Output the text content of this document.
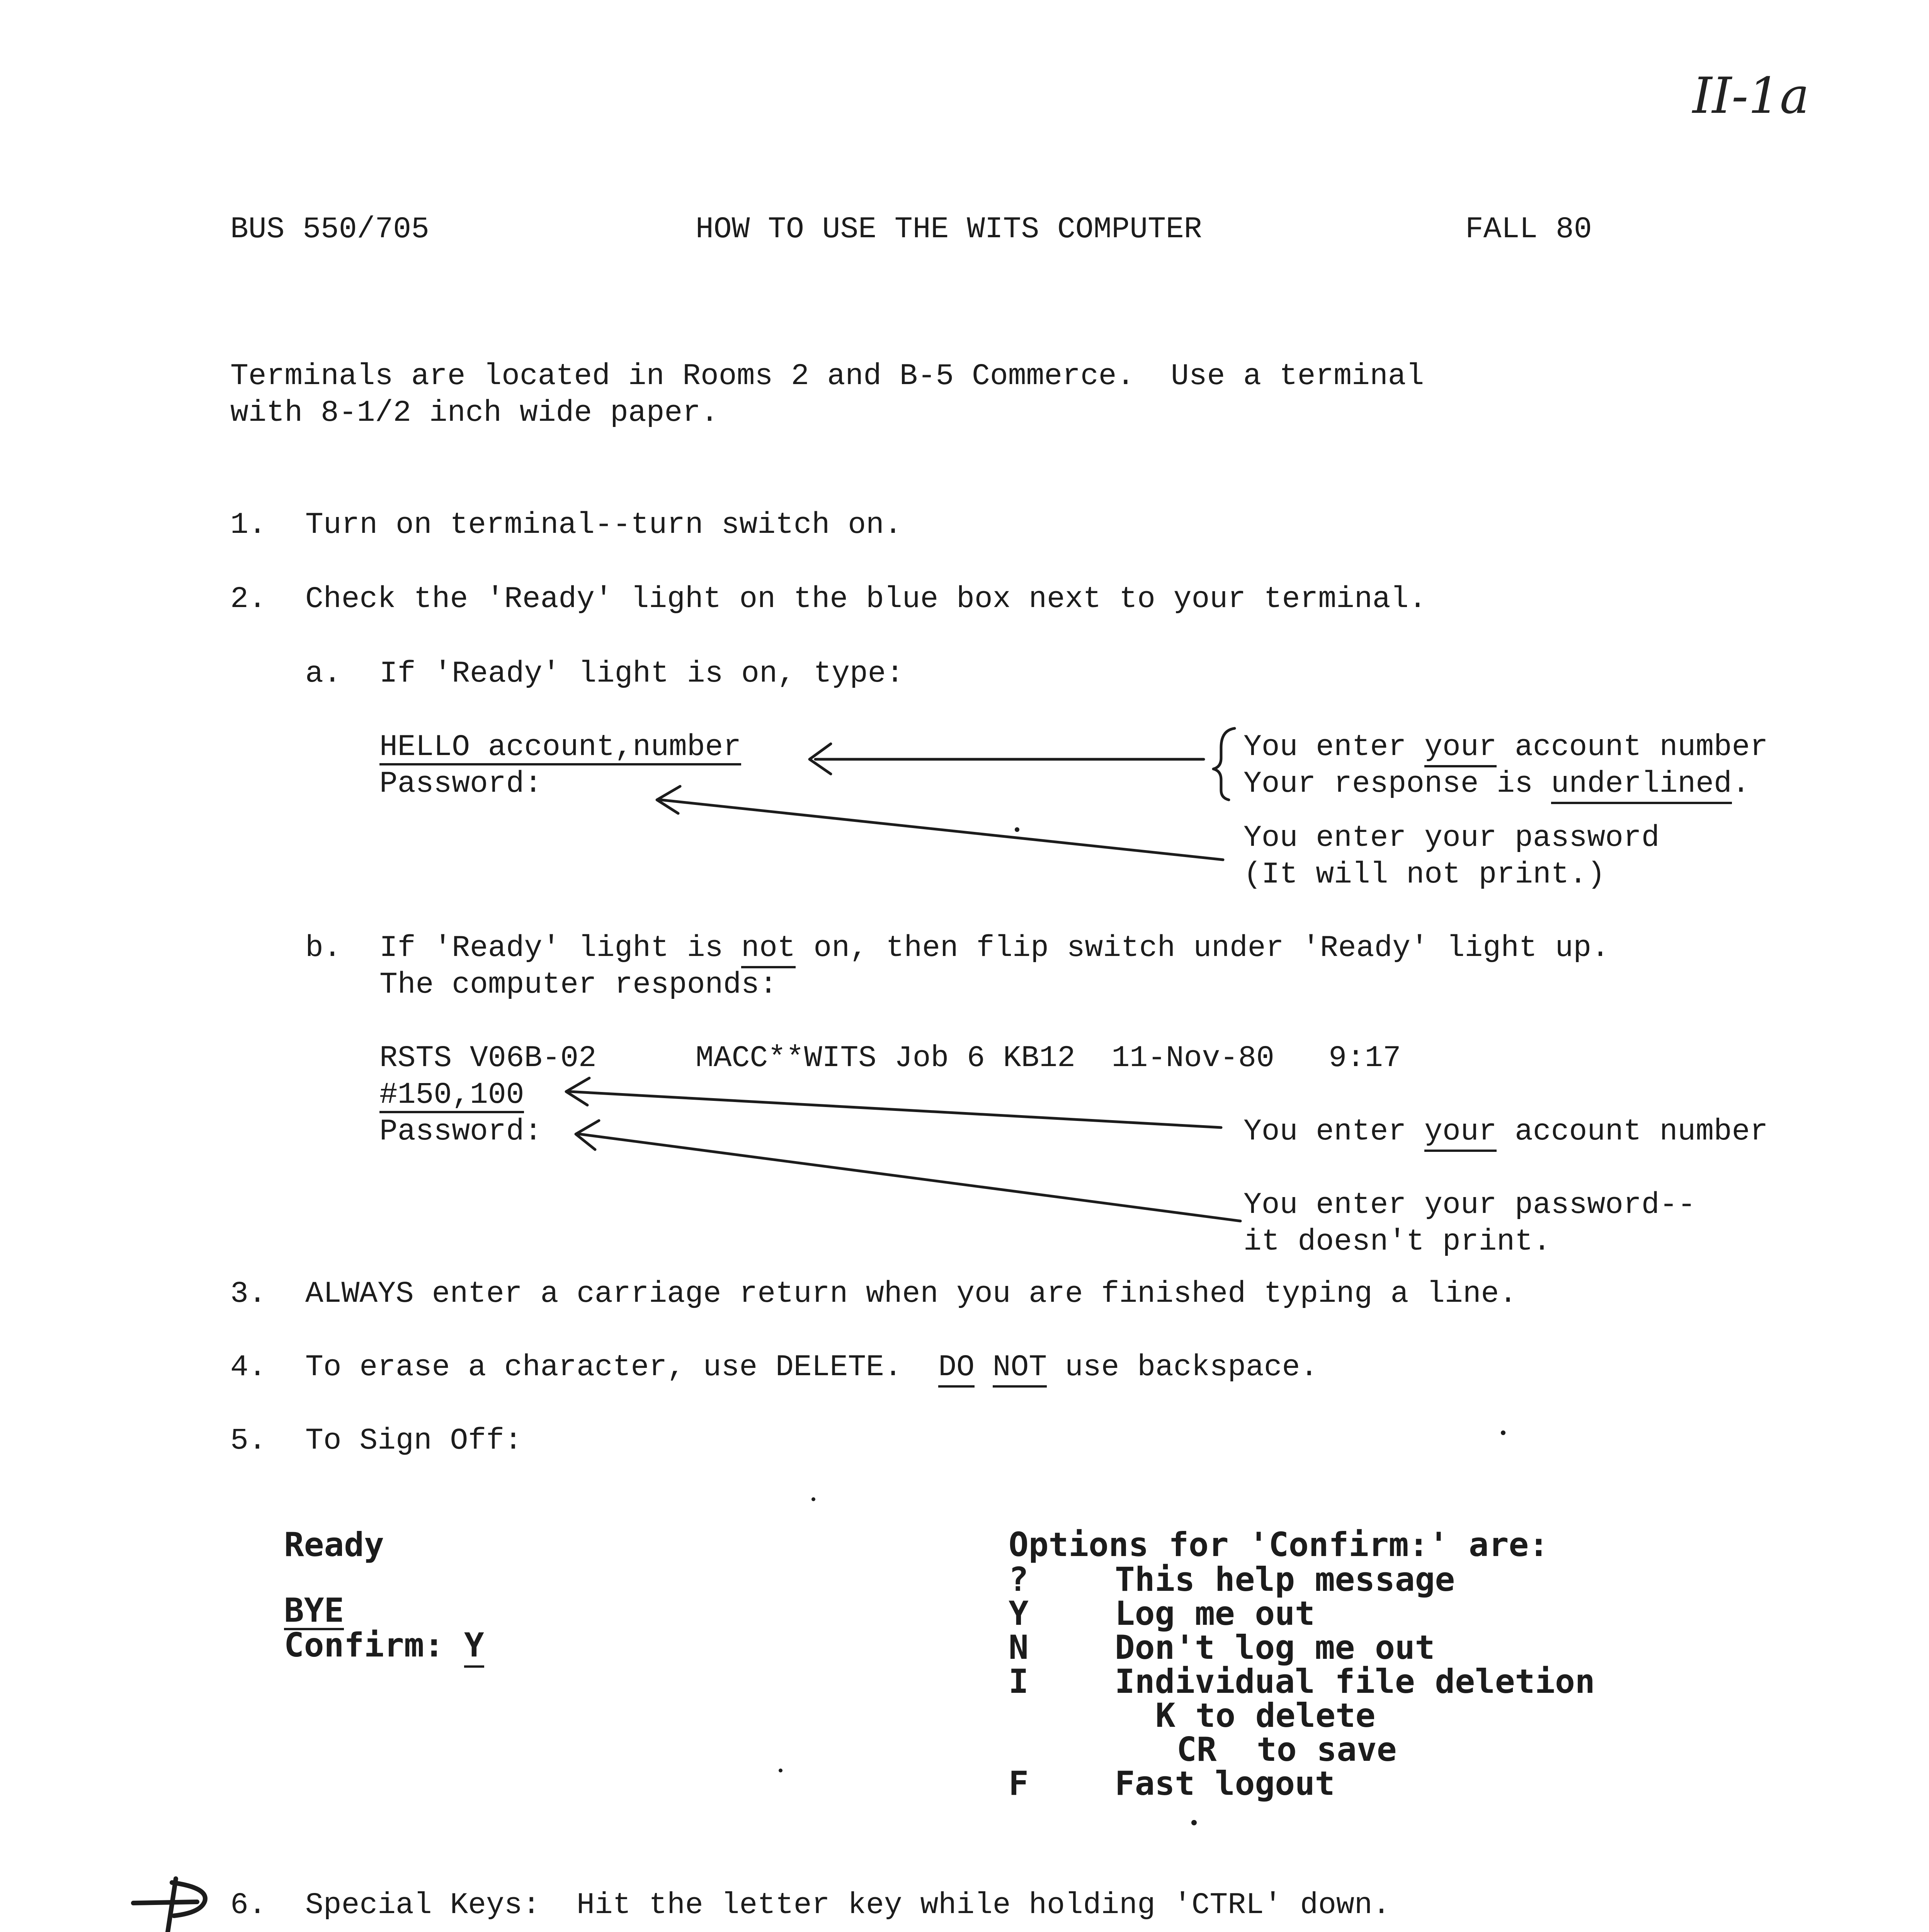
II-1a
BUS 550/705	HOW TO USE THE WITS COMPUTER	FALL 80
Terminals are located in Rooms 2 and B-5 Commerce.  Use a terminal
with 8-1/2 inch wide paper.
1. Turn on terminal--turn switch on.
2. Check the 'Ready' light on the blue box next to your terminal.
a. If 'Ready' light is on, type:
HELLO account,number
Password:
You enter your account number
Your response is underlined.
You enter your password
(It will not print.)
b. If 'Ready' light is not on, then flip switch under 'Ready' light up.
The computer responds:
RSTS V06B-02	MACC**WITS Job 6 KB12  11-Nov-80   9:17
#150,100
Password:	You enter your account number
You enter your password--
it doesn't print.
3. ALWAYS enter a carriage return when you are finished typing a line.
4. To erase a character, use DELETE.  DO NOT use backspace.
5. To Sign Off:
Ready
BYE
Confirm: Y
Options for 'Confirm:' are:
?	This help message
Y	Log me out
N	Don't log me out
I	Individual file deletion
K to delete
CR  to save
F	Fast logout
6. Special Keys:  Hit the letter key while holding 'CTRL' down.
